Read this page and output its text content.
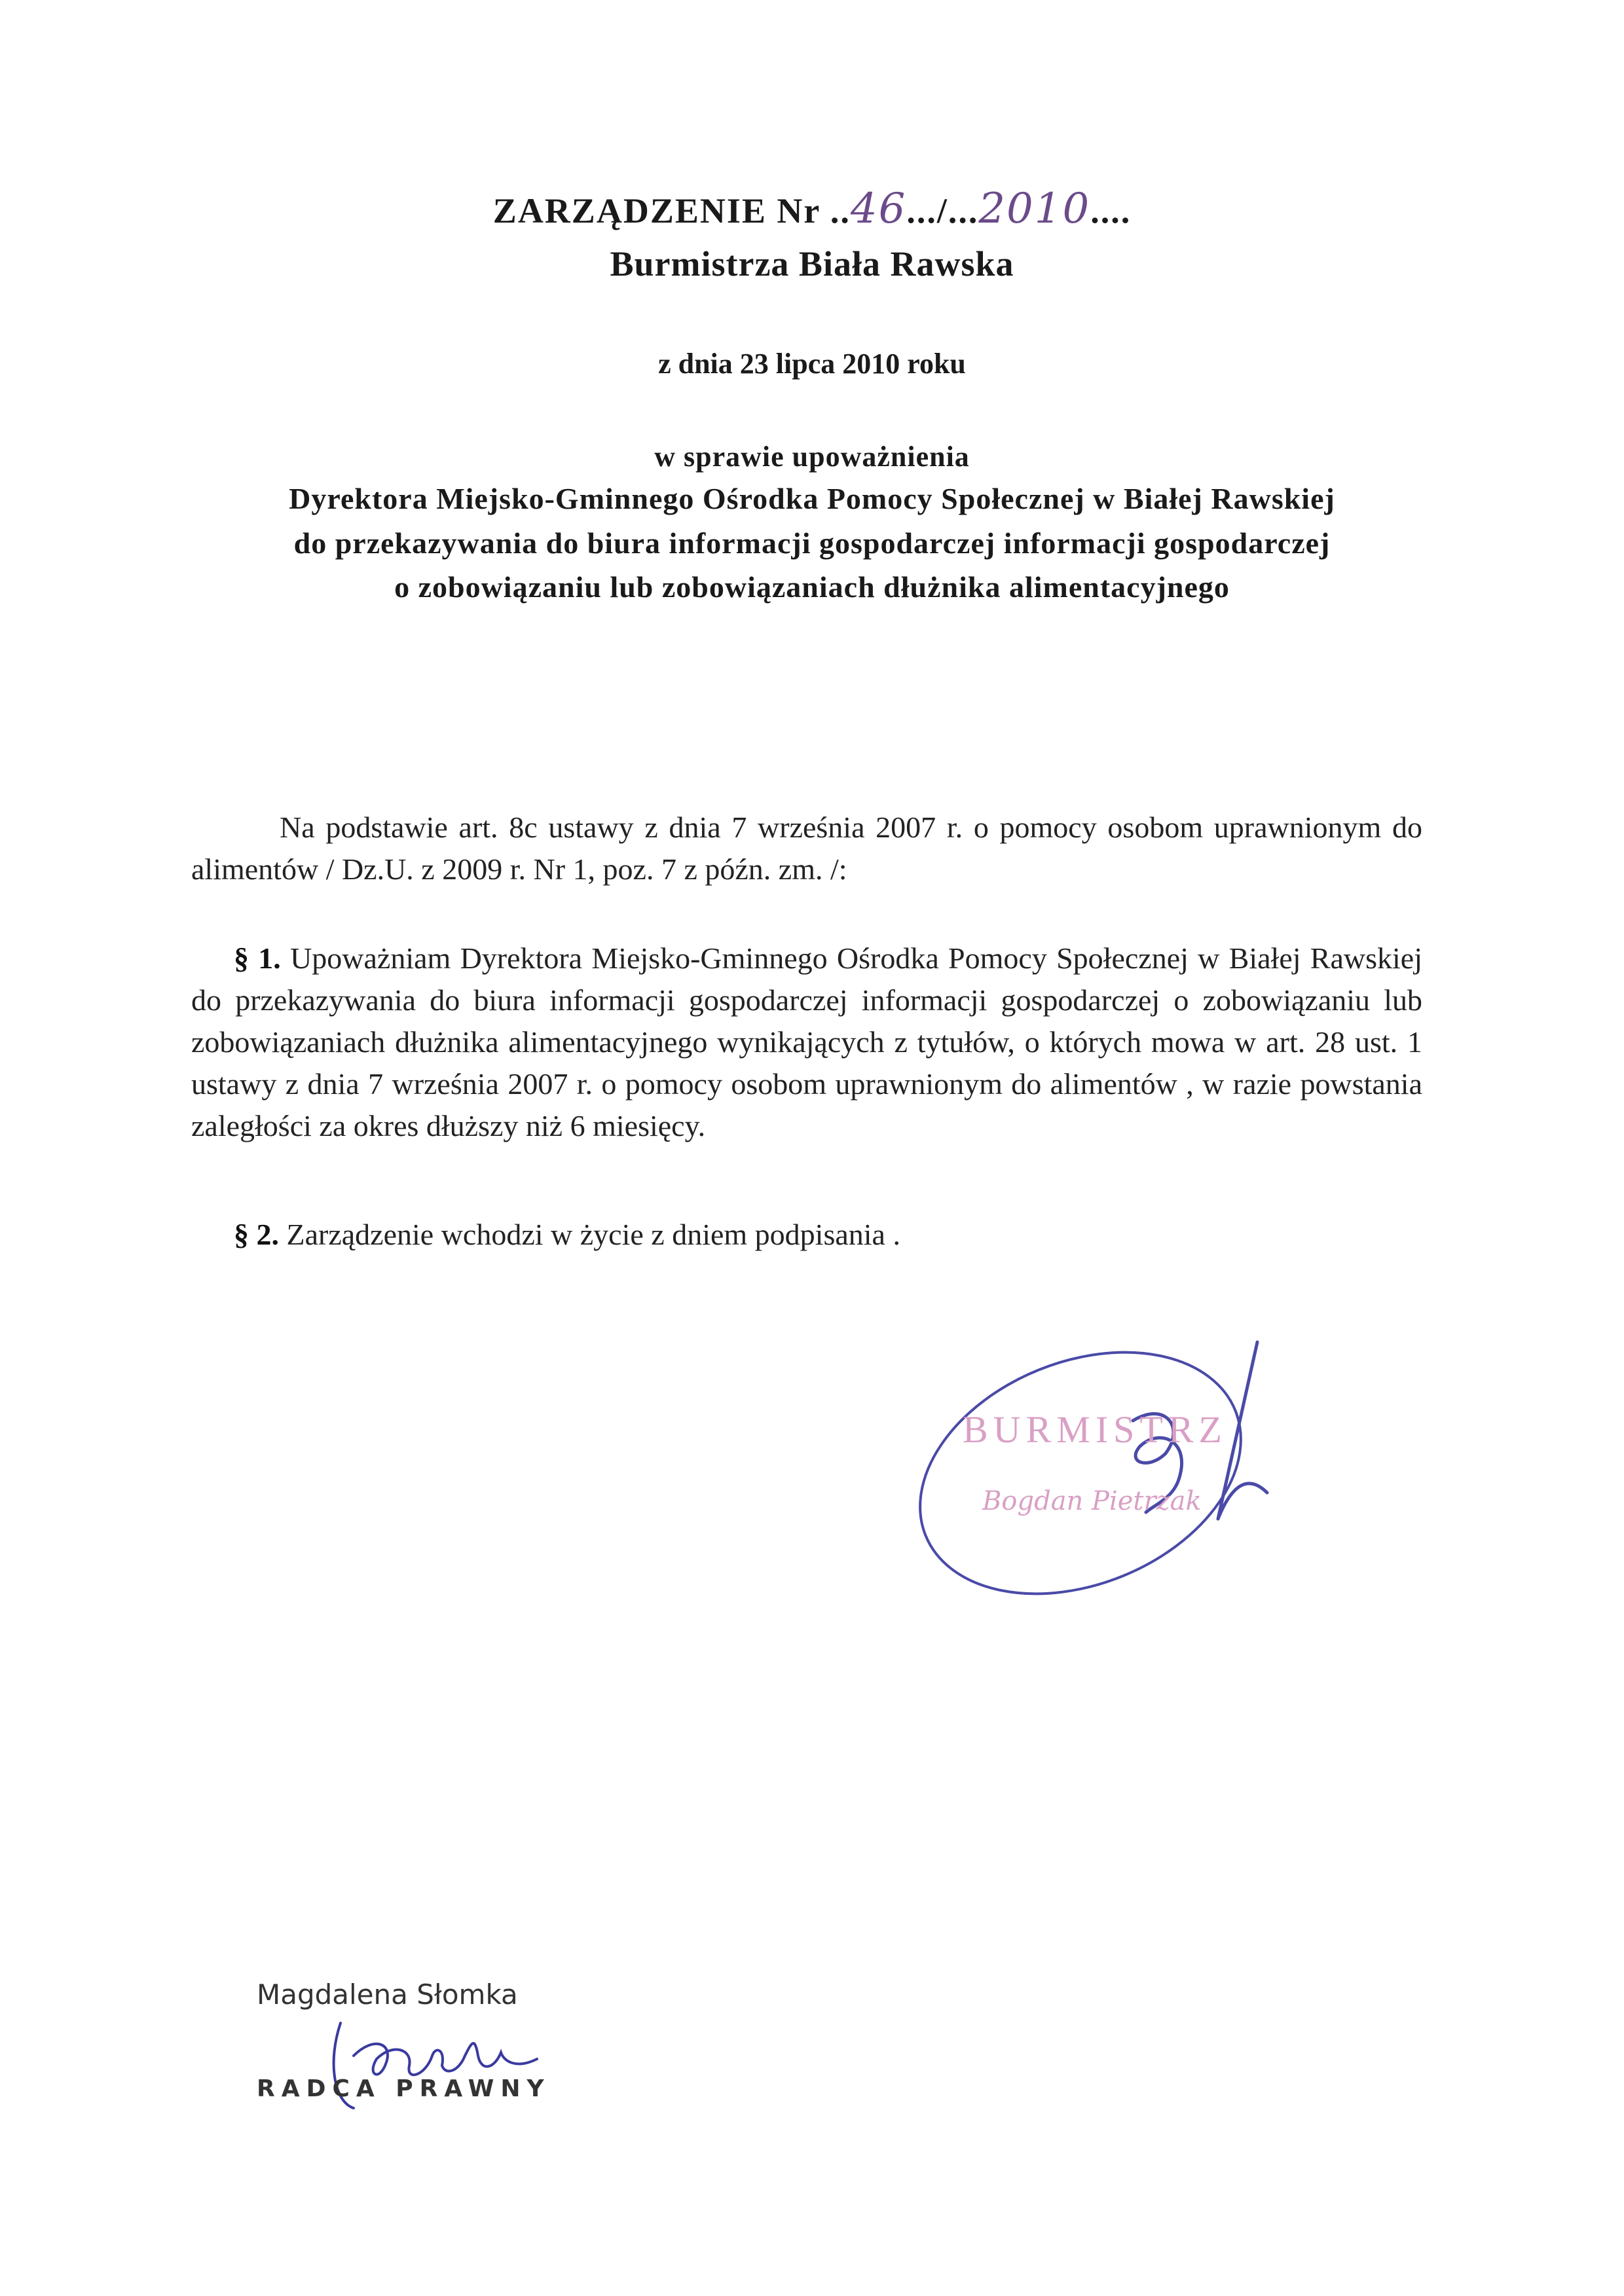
ZARZĄDZENIE Nr ..46.../...2010....
Burmistrza Biała Rawska
z dnia 23 lipca 2010 roku
w sprawie upoważnienia
Dyrektora Miejsko-Gminnego Ośrodka Pomocy Społecznej w Białej Rawskiej
do przekazywania do biura informacji gospodarczej informacji gospodarczej
o zobowiązaniu lub zobowiązaniach dłużnika alimentacyjnego
Na podstawie art. 8c ustawy z dnia 7 września 2007 r. o pomocy osobom uprawnionym do alimentów / Dz.U. z 2009 r. Nr 1, poz. 7 z późn. zm. /:
§ 1. Upoważniam Dyrektora Miejsko-Gminnego Ośrodka Pomocy Społecznej w Białej Rawskiej do przekazywania do biura informacji gospodarczej informacji gospodarczej o zobowiązaniu lub zobowiązaniach dłużnika alimentacyjnego wynikających z tytułów, o których mowa w art. 28 ust. 1 ustawy z dnia 7 września 2007 r. o pomocy osobom uprawnionym do alimentów , w razie powstania zaległości za okres dłuższy niż 6 miesięcy.
§ 2. Zarządzenie wchodzi w życie z dniem podpisania .
BURMISTRZ
Bogdan Pietrzak
Magdalena Słomka
RADCA PRAWNY
